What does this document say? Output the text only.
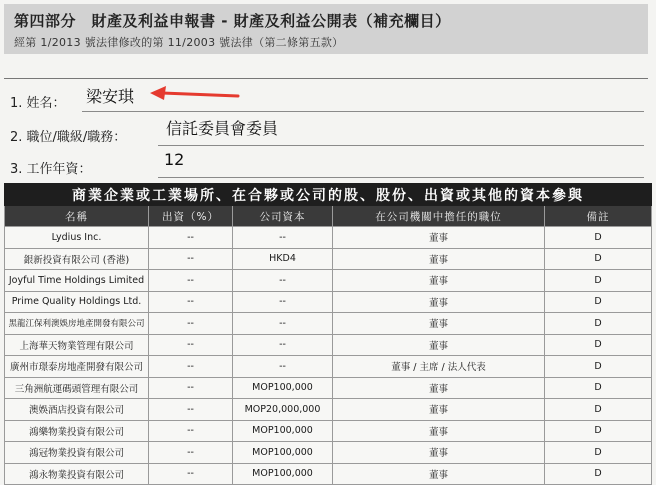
第四部分　財產及利益申報書 - 財產及利益公開表（補充欄目）
經第 1/2013 號法律修改的第 11/2003 號法律（第二條第五款）
1. 姓名： 梁安琪
2. 職位/職級/職務： 信託委員會委員
3. 工作年資：
12
商業企業或工業場所、在合夥或公司的股、股份、出資或其他的資本參與				
名稱	出資（%）	公司資本	在公司機關中擔任的職位	備註
Lydius Inc.	--	--	董事	D
銀新投資有限公司 (香港)	--	HKD4	董事	D
Joyful Time Holdings Limited	--	--	董事	D
Prime Quality Holdings Ltd.	--	--	董事	D
黑龍江保利澳娛房地產開發有限公司	--	--	董事	D
上海華天物業管理有限公司	--	--	董事	D
廣州市璟泰房地產開發有限公司	--	--	董事 / 主席 / 法人代表	D
三角洲航運碼頭管理有限公司	--	MOP100,000	董事	D
澳娛酒店投資有限公司	--	MOP20,000,000	董事	D
鴻樂物業投資有限公司	--	MOP100,000	董事	D
鴻冠物業投資有限公司	--	MOP100,000	董事	D
鴻永物業投資有限公司	--	MOP100,000	董事	D
